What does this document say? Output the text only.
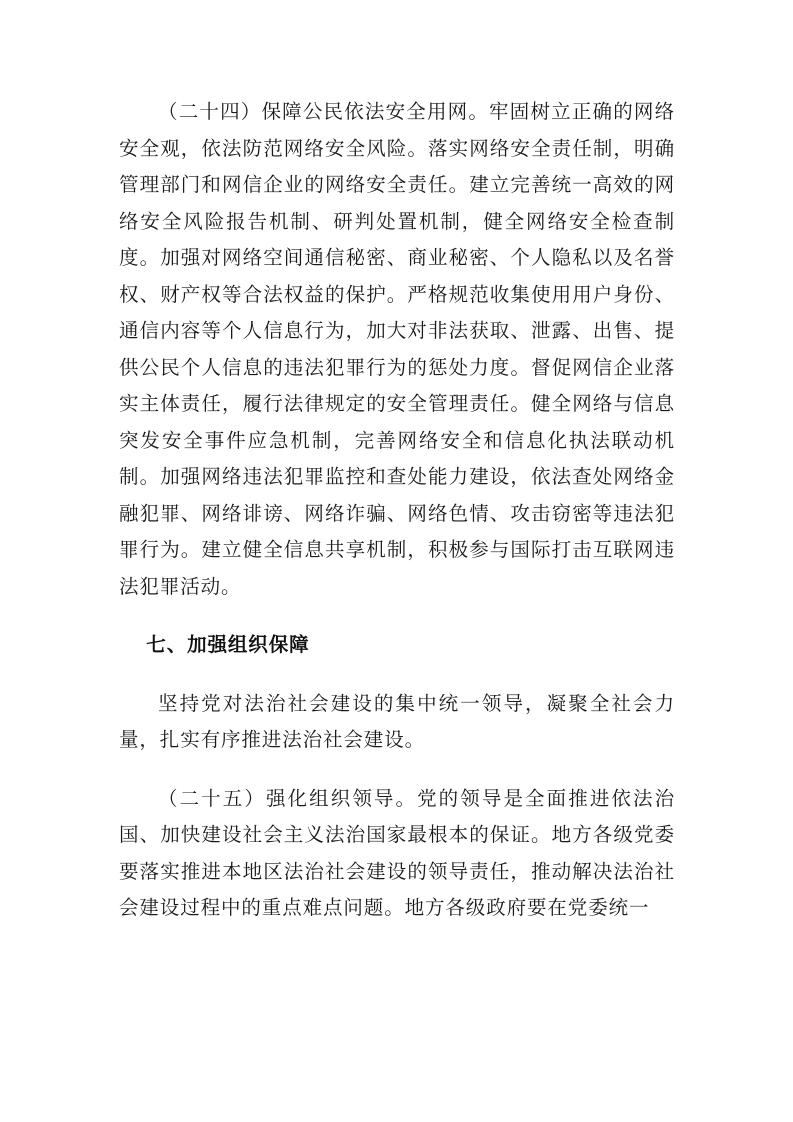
（二十四）保障公民依法安全用网。牢固树立正确的网络安全观，依法防范网络安全风险。落实网络安全责任制，明确管理部门和网信企业的网络安全责任。建立完善统一高效的网络安全风险报告机制、研判处置机制，健全网络安全检查制度。加强对网络空间通信秘密、商业秘密、个人隐私以及名誉权、财产权等合法权益的保护。严格规范收集使用用户身份、通信内容等个人信息行为，加大对非法获取、泄露、出售、提供公民个人信息的违法犯罪行为的惩处力度。督促网信企业落实主体责任，履行法律规定的安全管理责任。健全网络与信息突发安全事件应急机制，完善网络安全和信息化执法联动机制。加强网络违法犯罪监控和查处能力建设，依法查处网络金融犯罪、网络诽谤、网络诈骗、网络色情、攻击窃密等违法犯罪行为。建立健全信息共享机制，积极参与国际打击互联网违法犯罪活动。

七、加强组织保障

坚持党对法治社会建设的集中统一领导，凝聚全社会力量，扎实有序推进法治社会建设。

（二十五）强化组织领导。党的领导是全面推进依法治国、加快建设社会主义法治国家最根本的保证。地方各级党委要落实推进本地区法治社会建设的领导责任，推动解决法治社会建设过程中的重点难点问题。地方各级政府要在党委统一
